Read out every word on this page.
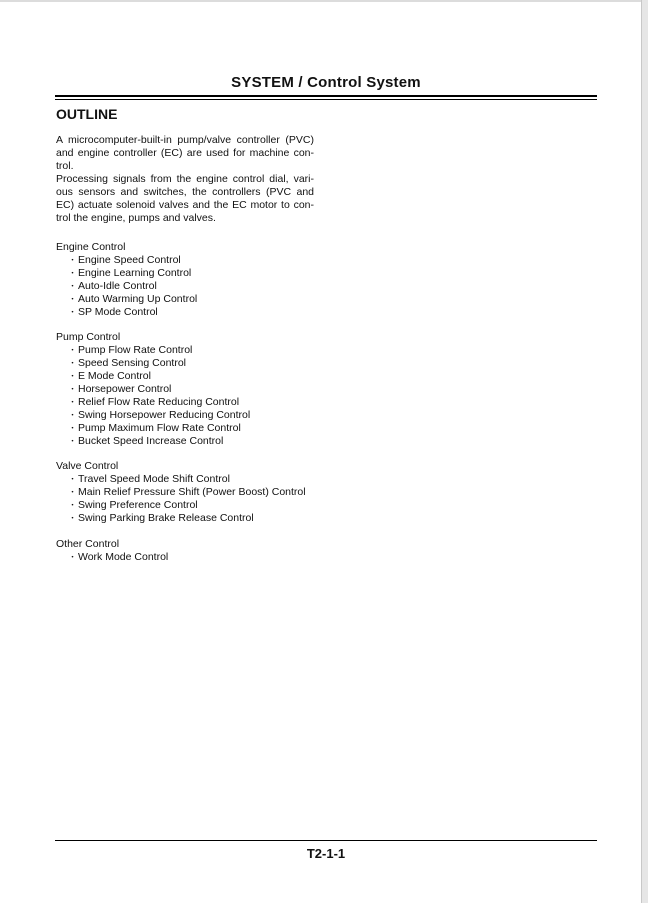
SYSTEM / Control System
OUTLINE

A microcomputer-built-in pump/valve controller (PVC) and engine controller (EC) are used for machine con-trol.

Processing signals from the engine control dial, vari-ous sensors and switches, the controllers (PVC and EC) actuate solenoid valves and the EC motor to con-trol the engine, pumps and valves.

Engine Control
・Engine Speed Control
・Engine Learning Control
・Auto-Idle Control
・Auto Warming Up Control
・SP Mode Control
Pump Control
・Pump Flow Rate Control
・Speed Sensing Control
・E Mode Control
・Horsepower Control
・Relief Flow Rate Reducing Control
・Swing Horsepower Reducing Control
・Pump Maximum Flow Rate Control
・Bucket Speed Increase Control
Valve Control
・Travel Speed Mode Shift Control
・Main Relief Pressure Shift (Power Boost) Control
・Swing Preference Control
・Swing Parking Brake Release Control
Other Control
・Work Mode Control
T2-1-1
